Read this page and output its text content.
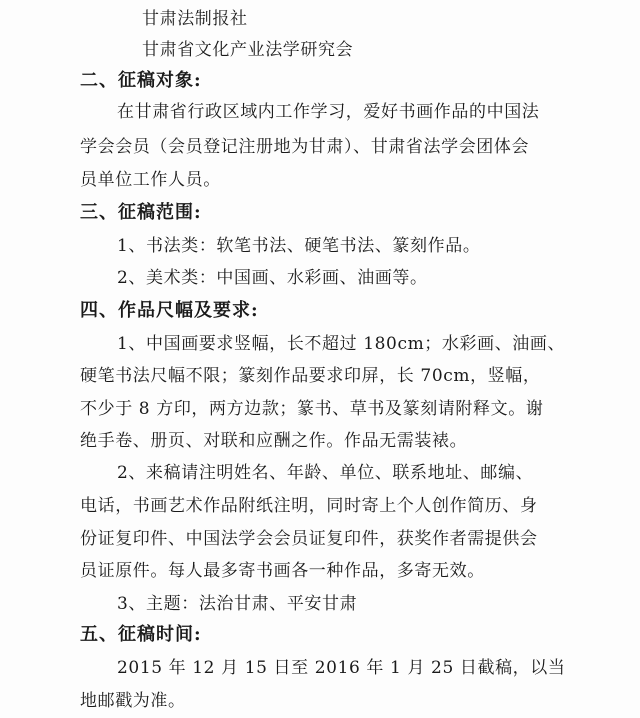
甘肃法制报社
甘肃省文化产业法学研究会
二、征稿对象:
在甘肃省行政区域内工作学习，爱好书画作品的中国法
学会会员（会员登记注册地为甘肃）、甘肃省法学会团体会
员单位工作人员。
三、征稿范围:
1、书法类：软笔书法、硬笔书法、篆刻作品。
2、美术类：中国画、水彩画、油画等。
四、作品尺幅及要求:
1、中国画要求竖幅，长不超过 180cm；水彩画、油画、
硬笔书法尺幅不限；篆刻作品要求印屏，长 70cm，竖幅，
不少于 8 方印，两方边款；篆书、草书及篆刻请附释文。谢
绝手卷、册页、对联和应酬之作。作品无需装裱。
2、来稿请注明姓名、年龄、单位、联系地址、邮编、
电话，书画艺术作品附纸注明，同时寄上个人创作简历、身
份证复印件、中国法学会会员证复印件，获奖作者需提供会
员证原件。每人最多寄书画各一种作品，多寄无效。
3、主题：法治甘肃、平安甘肃
五、征稿时间:
2015 年 12 月 15 日至 2016 年 1 月 25 日截稿，以当
地邮戳为准。
